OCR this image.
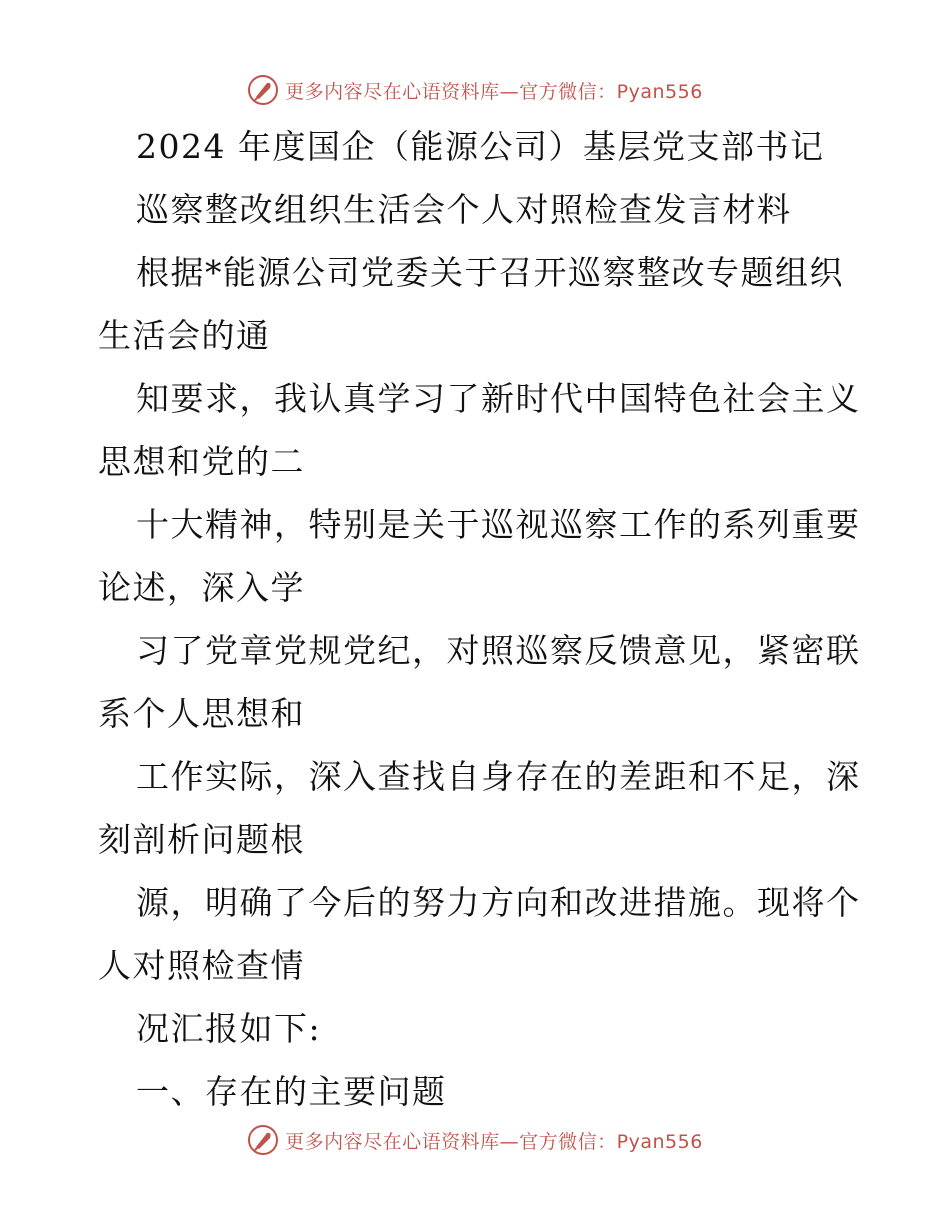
更多内容尽在心语资料库—官方微信：Pyan556
2024 年度国企（能源公司）基层党支部书记
巡察整改组织生活会个人对照检查发言材料
根据*能源公司党委关于召开巡察整改专题组织
生活会的通
知要求，我认真学习了新时代中国特色社会主义
思想和党的二
十大精神，特别是关于巡视巡察工作的系列重要
论述，深入学
习了党章党规党纪，对照巡察反馈意见，紧密联
系个人思想和
工作实际，深入查找自身存在的差距和不足，深
刻剖析问题根
源，明确了今后的努力方向和改进措施。现将个
人对照检查情
况汇报如下:
一、存在的主要问题
更多内容尽在心语资料库—官方微信：Pyan556
